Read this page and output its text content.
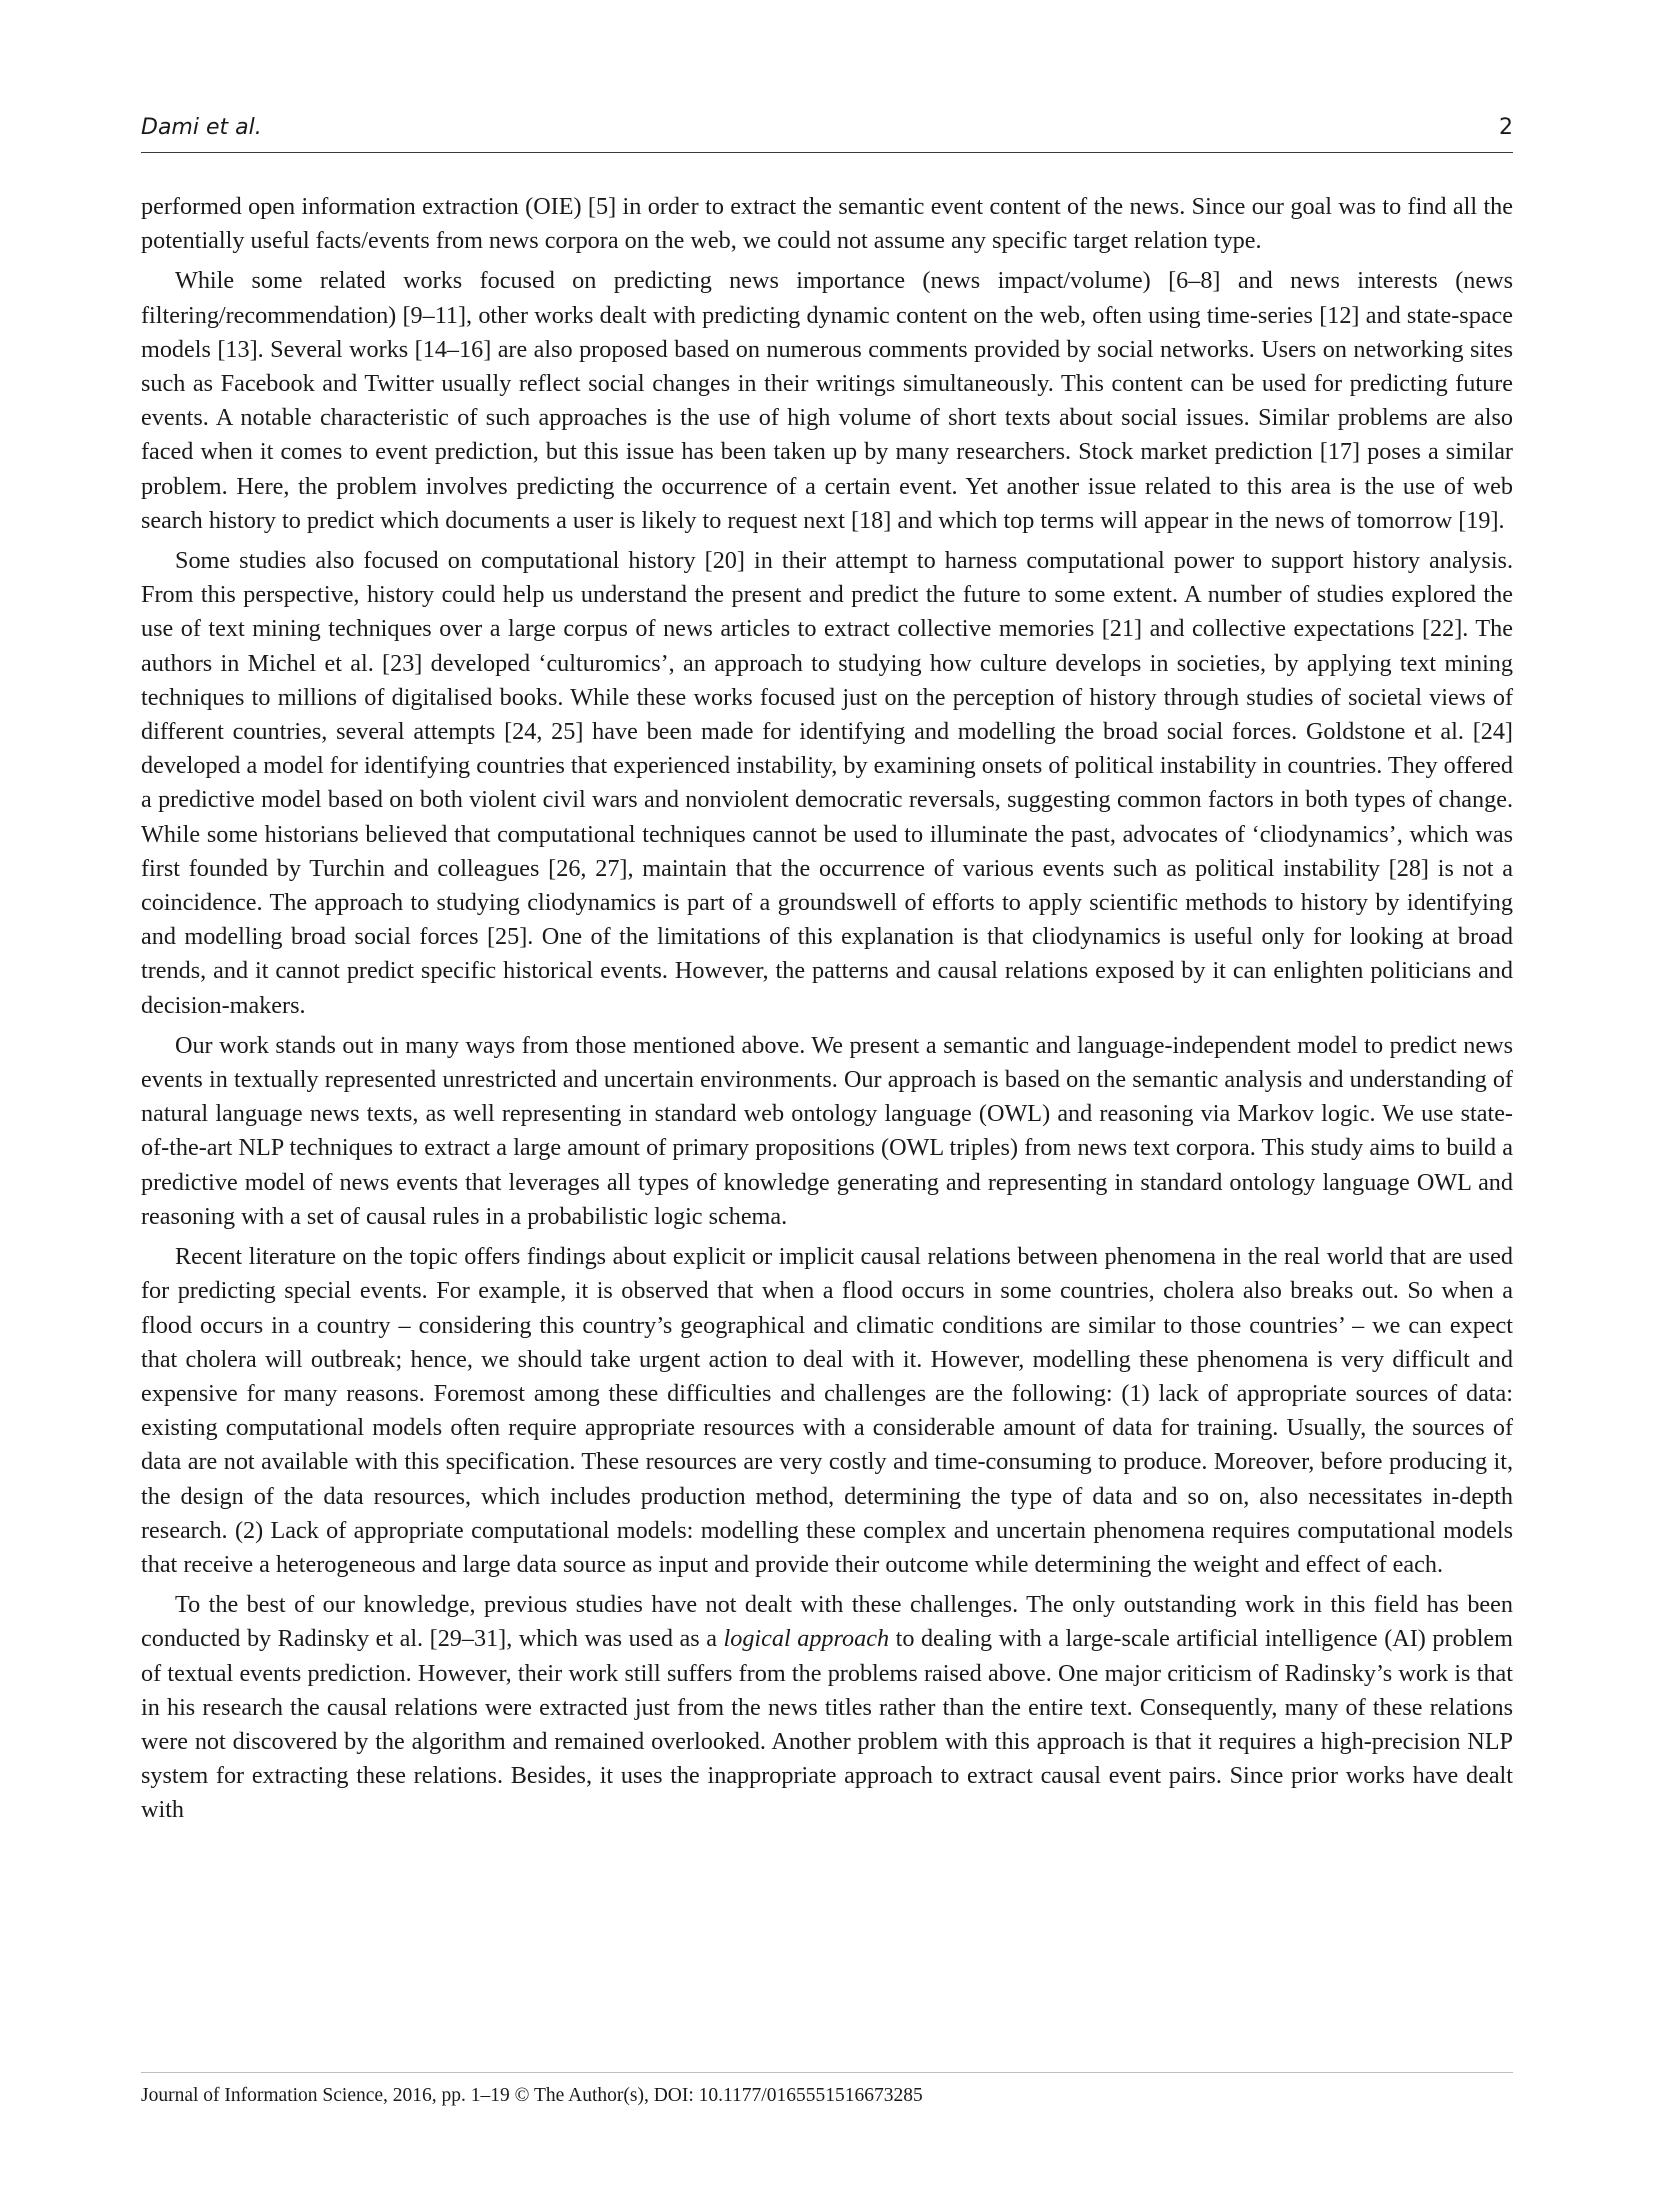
Dami et al.	2

performed open information extraction (OIE) [5] in order to extract the semantic event content of the news. Since our goal was to find all the potentially useful facts/events from news corpora on the web, we could not assume any specific target relation type.

While some related works focused on predicting news importance (news impact/volume) [6–8] and news interests (news filtering/recommendation) [9–11], other works dealt with predicting dynamic content on the web, often using time-series [12] and state-space models [13]. Several works [14–16] are also proposed based on numerous comments provided by social networks. Users on networking sites such as Facebook and Twitter usually reflect social changes in their writings simultaneously. This content can be used for predicting future events. A notable characteristic of such approaches is the use of high volume of short texts about social issues. Similar problems are also faced when it comes to event prediction, but this issue has been taken up by many researchers. Stock market prediction [17] poses a similar problem. Here, the problem involves predicting the occurrence of a certain event. Yet another issue related to this area is the use of web search history to predict which documents a user is likely to request next [18] and which top terms will appear in the news of tomorrow [19].

Some studies also focused on computational history [20] in their attempt to harness computational power to support history analysis. From this perspective, history could help us understand the present and predict the future to some extent. A number of studies explored the use of text mining techniques over a large corpus of news articles to extract collective memories [21] and collective expectations [22]. The authors in Michel et al. [23] developed ‘culturomics’, an approach to studying how culture develops in societies, by applying text mining techniques to millions of digitalised books. While these works focused just on the perception of history through studies of societal views of different countries, several attempts [24, 25] have been made for identifying and modelling the broad social forces. Goldstone et al. [24] developed a model for identifying countries that experienced instability, by examining onsets of political instability in countries. They offered a predictive model based on both violent civil wars and nonviolent democratic reversals, suggesting common factors in both types of change. While some historians believed that computational techniques cannot be used to illuminate the past, advocates of ‘cliodynamics’, which was first founded by Turchin and colleagues [26, 27], maintain that the occurrence of various events such as political instability [28] is not a coincidence. The approach to studying cliodynamics is part of a groundswell of efforts to apply scientific methods to history by identifying and modelling broad social forces [25]. One of the limitations of this explanation is that cliodynamics is useful only for looking at broad trends, and it cannot predict specific historical events. However, the patterns and causal relations exposed by it can enlighten politicians and decision-makers.

Our work stands out in many ways from those mentioned above. We present a semantic and language-independent model to predict news events in textually represented unrestricted and uncertain environments. Our approach is based on the semantic analysis and understanding of natural language news texts, as well representing in standard web ontology language (OWL) and reasoning via Markov logic. We use state-of-the-art NLP techniques to extract a large amount of primary propositions (OWL triples) from news text corpora. This study aims to build a predictive model of news events that leverages all types of knowledge generating and representing in standard ontology language OWL and reasoning with a set of causal rules in a probabilistic logic schema.

Recent literature on the topic offers findings about explicit or implicit causal relations between phenomena in the real world that are used for predicting special events. For example, it is observed that when a flood occurs in some countries, cholera also breaks out. So when a flood occurs in a country – considering this country’s geographical and climatic conditions are similar to those countries’ – we can expect that cholera will outbreak; hence, we should take urgent action to deal with it. However, modelling these phenomena is very difficult and expensive for many reasons. Foremost among these difficulties and challenges are the following: (1) lack of appropriate sources of data: existing computational models often require appropriate resources with a considerable amount of data for training. Usually, the sources of data are not available with this specification. These resources are very costly and time-consuming to produce. Moreover, before producing it, the design of the data resources, which includes production method, determining the type of data and so on, also necessitates in-depth research. (2) Lack of appropriate computational models: modelling these complex and uncertain phenomena requires computational models that receive a heterogeneous and large data source as input and provide their outcome while determining the weight and effect of each.

To the best of our knowledge, previous studies have not dealt with these challenges. The only outstanding work in this field has been conducted by Radinsky et al. [29–31], which was used as a logical approach to dealing with a large-scale artificial intelligence (AI) problem of textual events prediction. However, their work still suffers from the problems raised above. One major criticism of Radinsky’s work is that in his research the causal relations were extracted just from the news titles rather than the entire text. Consequently, many of these relations were not discovered by the algorithm and remained overlooked. Another problem with this approach is that it requires a high-precision NLP system for extracting these relations. Besides, it uses the inappropriate approach to extract causal event pairs. Since prior works have dealt with

Journal of Information Science, 2016, pp. 1–19 © The Author(s), DOI: 10.1177/0165551516673285
